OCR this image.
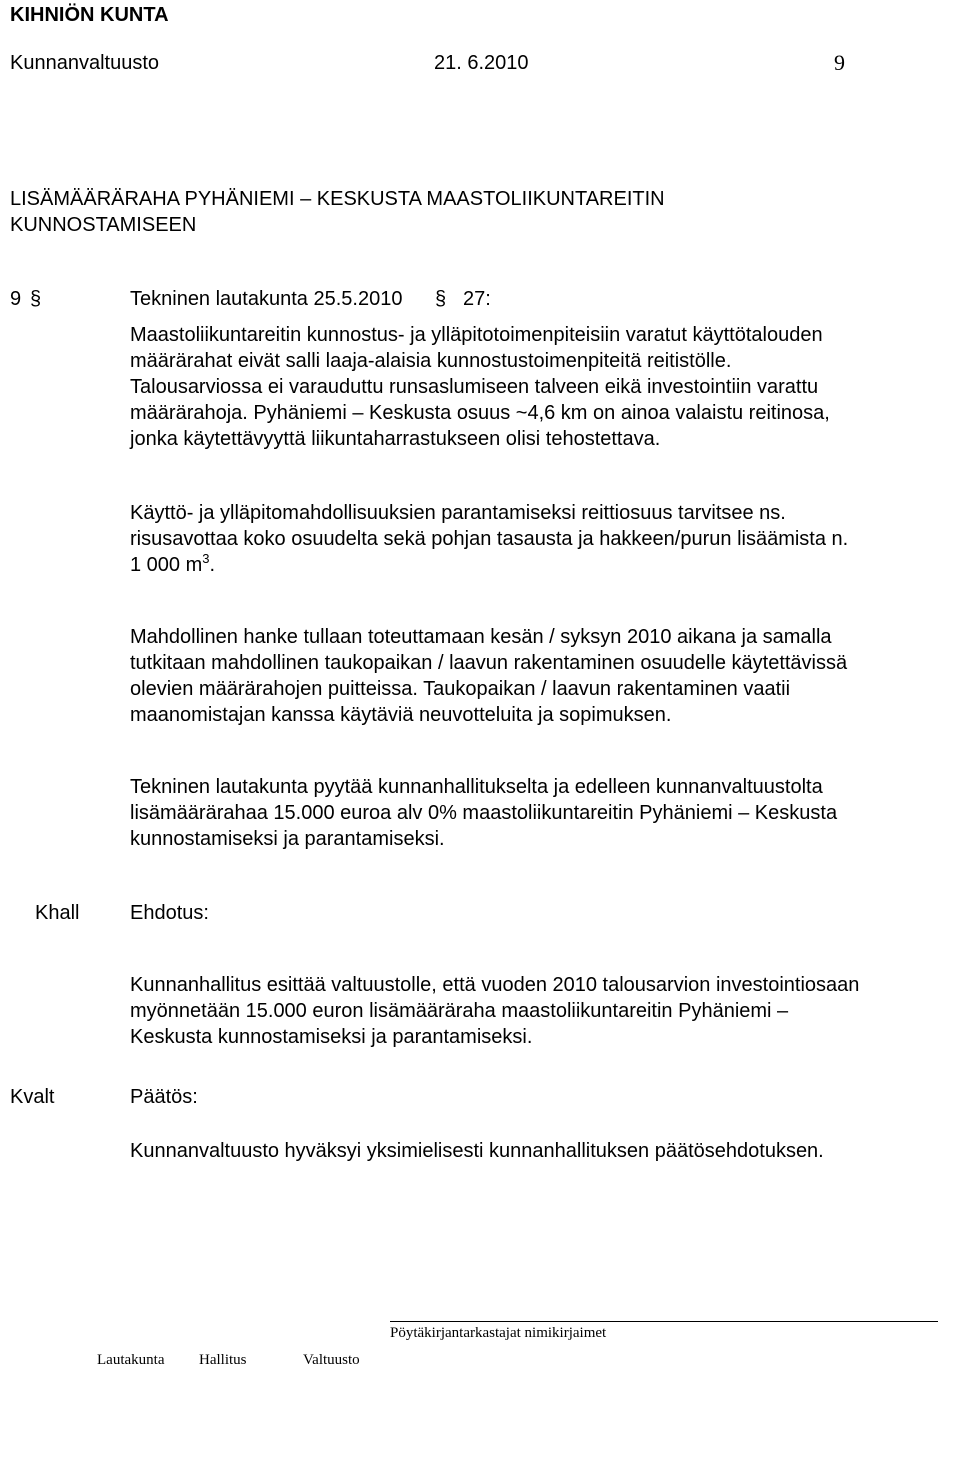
KIHNIÖN KUNTA
Kunnanvaltuusto	21. 6.2010	9
LISÄMÄÄRÄRAHA PYHÄNIEMI – KESKUSTA MAASTOLIIKUNTAREITIN
KUNNOSTAMISEEN
9 §	Tekninen lautakunta 25.5.2010 § 27:
Maastoliikuntareitin kunnostus- ja ylläpitotoimenpiteisiin varatut käyttötalouden
määrärahat eivät salli laaja-alaisia kunnostustoimenpiteitä reitistölle.
Talousarviossa ei varauduttu runsaslumiseen talveen eikä investointiin varattu
määrärahoja. Pyhäniemi – Keskusta osuus ~4,6 km on ainoa valaistu reitinosa,
jonka käytettävyyttä liikuntaharrastukseen olisi tehostettava.
Käyttö- ja ylläpitomahdollisuuksien parantamiseksi reittiosuus tarvitsee ns.
risusavottaa koko osuudelta sekä pohjan tasausta ja hakkeen/purun lisäämista n.
1 000 $m^3$.
Mahdollinen hanke tullaan toteuttamaan kesän / syksyn 2010 aikana ja samalla
tutkitaan mahdollinen taukopaikan / laavun rakentaminen osuudelle käytettävissä
olevien määrärahojen puitteissa. Taukopaikan / laavun rakentaminen vaatii
maanomistajan kanssa käytäviä neuvotteluita ja sopimuksen.
Tekninen lautakunta pyytää kunnanhallitukselta ja edelleen kunnanvaltuustolta
lisämäärärahaa 15.000 euroa alv 0% maastoliikuntareitin Pyhäniemi – Keskusta
kunnostamiseksi ja parantamiseksi.
Khall	Ehdotus:
Kunnanhallitus esittää valtuustolle, että vuoden 2010 talousarvion investointiosaan
myönnetään 15.000 euron lisämääräraha maastoliikuntareitin Pyhäniemi –
Keskusta kunnostamiseksi ja parantamiseksi.
Kvalt	Päätös:
Kunnanvaltuusto hyväksyi yksimielisesti kunnanhallituksen päätösehdotuksen.
Pöytäkirjantarkastajat nimikirjaimet
Lautakunta Hallitus	Valtuusto
